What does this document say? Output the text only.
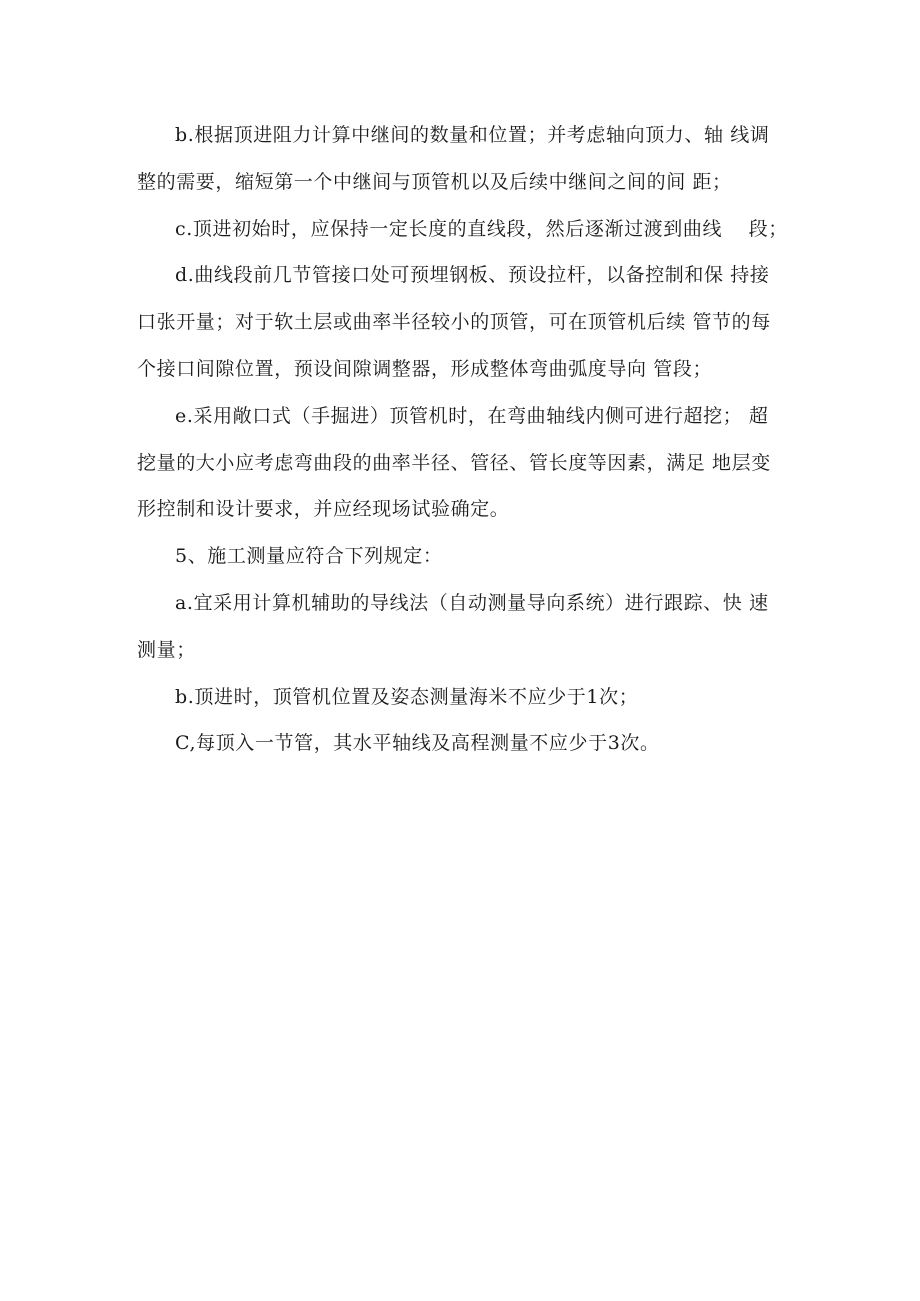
b.根据顶进阻力计算中继间的数量和位置；并考虑轴向顶力、轴 线调
整的需要，缩短第一个中继间与顶管机以及后续中继间之间的间 距；
c.顶进初始时，应保持一定长度的直线段，然后逐渐过渡到曲线    段；
d.曲线段前几节管接口处可预埋钢板、预设拉杆，以备控制和保 持接
口张开量；对于软土层或曲率半径较小的顶管，可在顶管机后续 管节的每
个接口间隙位置，预设间隙调整器，形成整体弯曲弧度导向 管段；
e.采用敞口式（手掘进）顶管机时，在弯曲轴线内侧可进行超挖； 超
挖量的大小应考虑弯曲段的曲率半径、管径、管长度等因素，满足 地层变
形控制和设计要求，并应经现场试验确定。
5、施工测量应符合下列规定：
a.宜采用计算机辅助的导线法（自动测量导向系统）进行跟踪、快 速
测量；
b.顶进时，顶管机位置及姿态测量海米不应少于1次；
C,每顶入一节管，其水平轴线及高程测量不应少于3次。
